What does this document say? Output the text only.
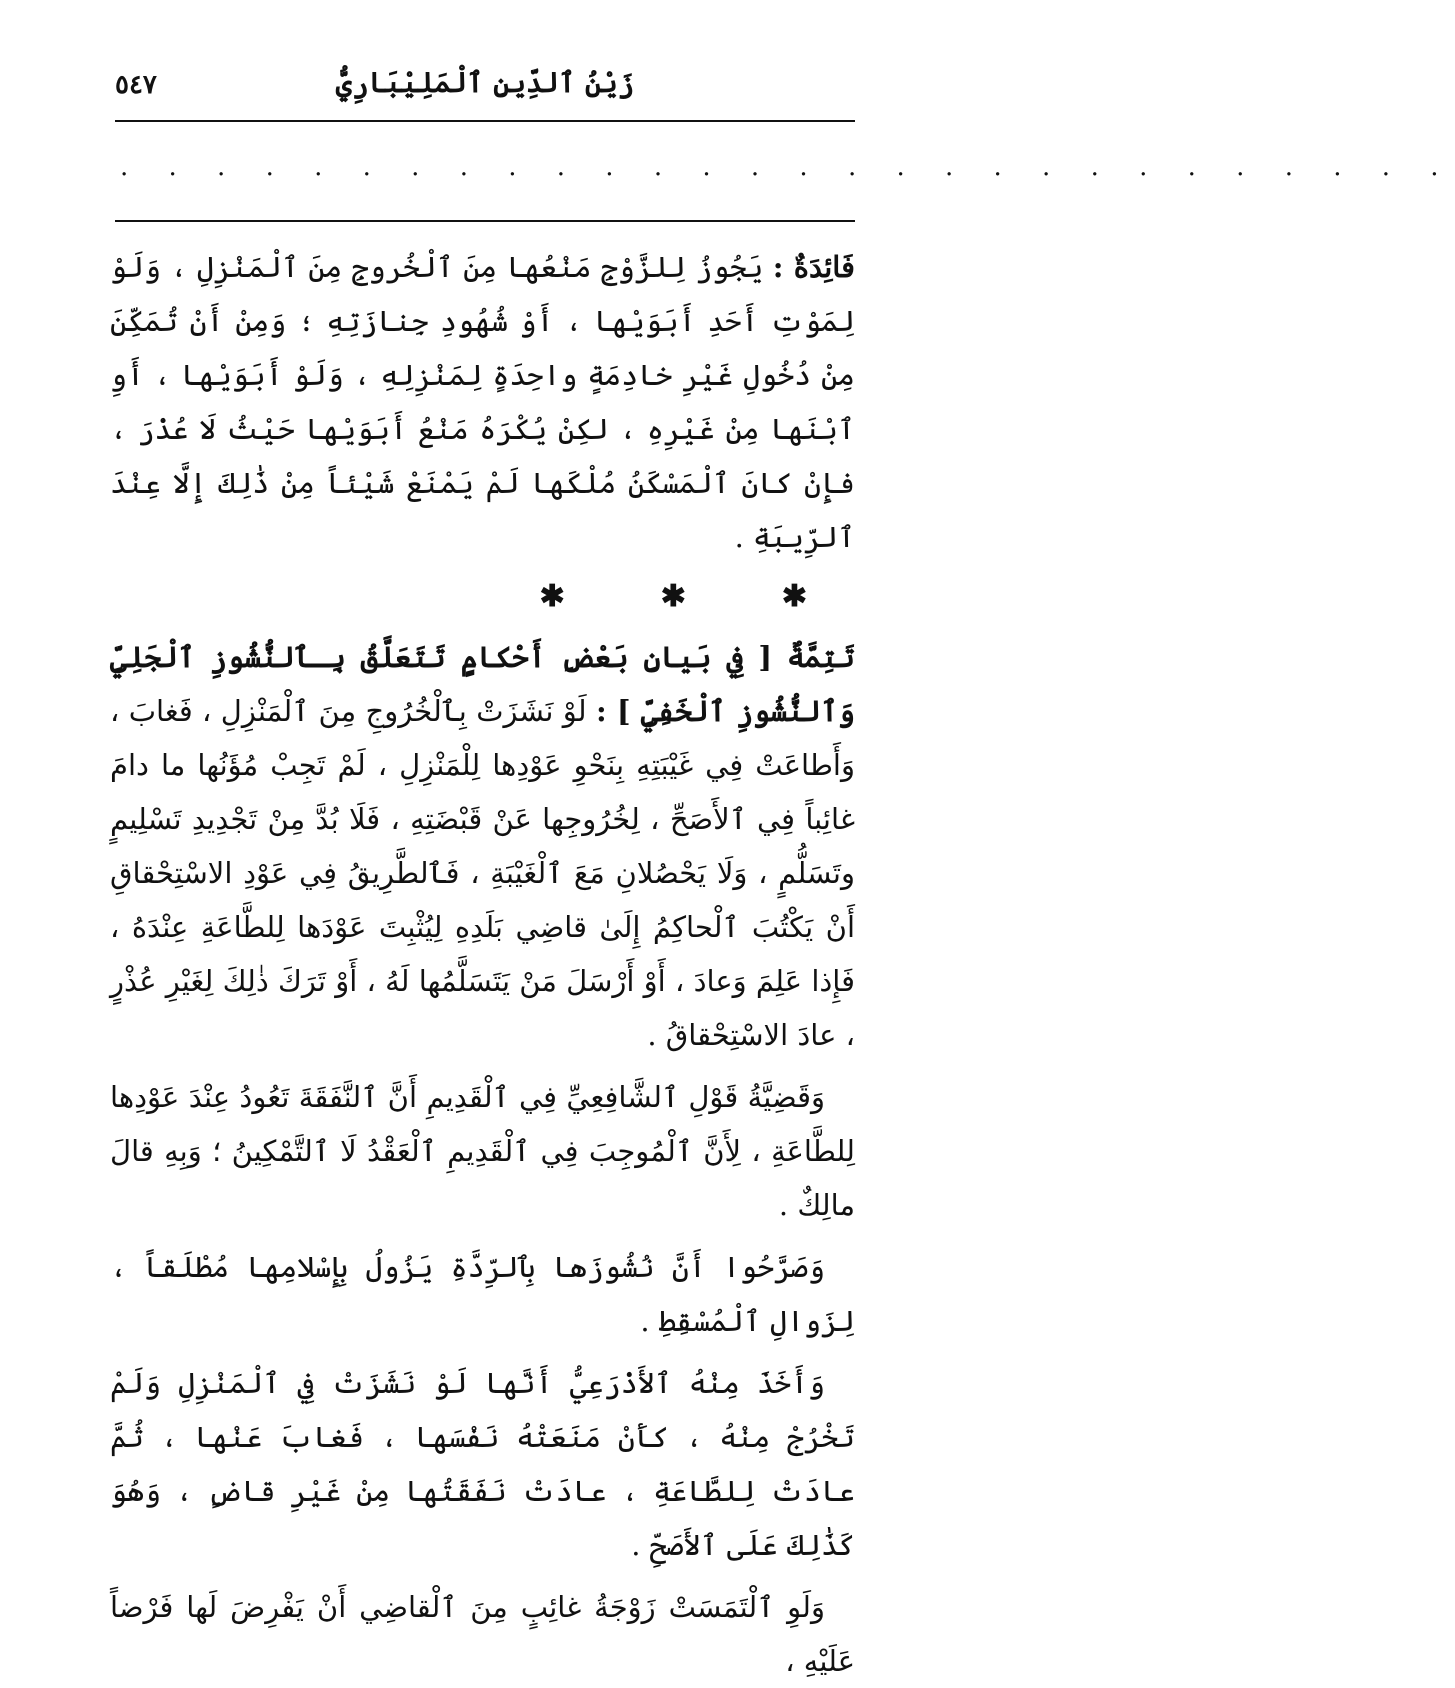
٥٤٧	زَيْنُ ٱلدِّينِ ٱلْمَلِيْبَارِيُّ
. . . . . . . . . . . . . . . . . . . . . . . . . . . .

فَائِدَةٌ : يَجُوزُ لِلزَّوْجِ مَنْعُها مِنَ ٱلْخُروجِ مِنَ ٱلْمَنْزِلِ ، وَلَوْ لِمَوْتِ أَحَدِ أَبَوَيْها ، أَوْ شُهُودِ جِنازَتِهِ ؛ وَمِنْ أَنْ تُمَكِّنَ مِنْ دُخُولِ غَيْرِ خادِمَةٍ واحِدَةٍ لِمَنْزِلِهِ ، وَلَوْ أَبَوَيْها ، أَوِ ٱبْنَها مِنْ غَيْرِهِ ، لكِنْ يُكْرَهُ مَنْعُ أَبَوَيْها حَيْثُ لَا عُذْرَ ، فإِنْ كانَ ٱلْمَسْكَنُ مُلْكَها لَمْ يَمْنَعْ شَيْئاً مِنْ ذَٰلِكَ إِلَّا عِنْدَ ٱلرِّيبَةِ .

✱	✱	✱

تَتِمَّةٌ [ فِي بَيانِ بَعْضِ أَحْكامٍ تَتَعَلَّقُ بِـٱلنُّشُوزِ ٱلْجَلِيِّ وَٱلنُّشُوزِ ٱلْخَفِيِّ ] : لَوْ نَشَزَتْ بِٱلْخُرُوجِ مِنَ ٱلْمَنْزِلِ ، فَغابَ ، وَأَطاعَتْ فِي غَيْبَتِهِ بِنَحْوِ عَوْدِها لِلْمَنْزِلِ ، لَمْ تَجِبْ مُؤَنُها ما دامَ غائِباً فِي ٱلأَصَحِّ ، لِخُرُوجِها عَنْ قَبْضَتِهِ ، فَلَا بُدَّ مِنْ تَجْدِيدِ تَسْلِيمٍ وتَسَلُّمٍ ، وَلَا يَحْصُلانِ مَعَ ٱلْغَيْبَةِ ، فَٱلطَّرِيقُ فِي عَوْدِ الاسْتِحْقاقِ أَنْ يَكْتُبَ ٱلْحاكِمُ إِلَىٰ قاضِي بَلَدِهِ لِيُثْبِتَ عَوْدَها لِلطَّاعَةِ عِنْدَهُ ، فَإِذا عَلِمَ وَعادَ ، أَوْ أَرْسَلَ مَنْ يَتَسَلَّمُها لَهُ ، أَوْ تَرَكَ ذٰلِكَ لِغَيْرِ عُذْرٍ ، عادَ الاسْتِحْقاقُ .

وَقَضِيَّةُ قَوْلِ ٱلشَّافِعِيِّ فِي ٱلْقَدِيمِ أَنَّ ٱلنَّفَقَةَ تَعُودُ عِنْدَ عَوْدِها لِلطَّاعَةِ ، لِأَنَّ ٱلْمُوجِبَ فِي ٱلْقَدِيمِ ٱلْعَقْدُ لَا ٱلتَّمْكِينُ ؛ وَبِهِ قالَ مالِكٌ .

وَصَرَّحُوا أَنَّ نُشُوزَها بِٱلرِّدَّةِ يَزُولُ بِإِسْلامِها مُطْلَقاً ، لِزَوالِ ٱلْمُسْقِطِ .

وَأَخَذَ مِنْهُ ٱلأَذْرَعِيُّ أَنَّها لَوْ نَشَزَتْ فِي ٱلْمَنْزِلِ وَلَمْ تَخْرُجْ مِنْهُ ، كأَنْ مَنَعَتْهُ نَفْسَها ، فَغابَ عَنْها ، ثُمَّ عادَتْ لِلطَّاعَةِ ، عادَتْ نَفَقَتُها مِنْ غَيْرِ قاضٍ ، وَهُوَ كَذَٰلِكَ عَلَى ٱلأَصَحِّ .

وَلَوِ ٱلْتَمَسَتْ زَوْجَةُ غائِبٍ مِنَ ٱلْقاضِي أَنْ يَفْرِضَ لَها فَرْضاً عَلَيْهِ ،
